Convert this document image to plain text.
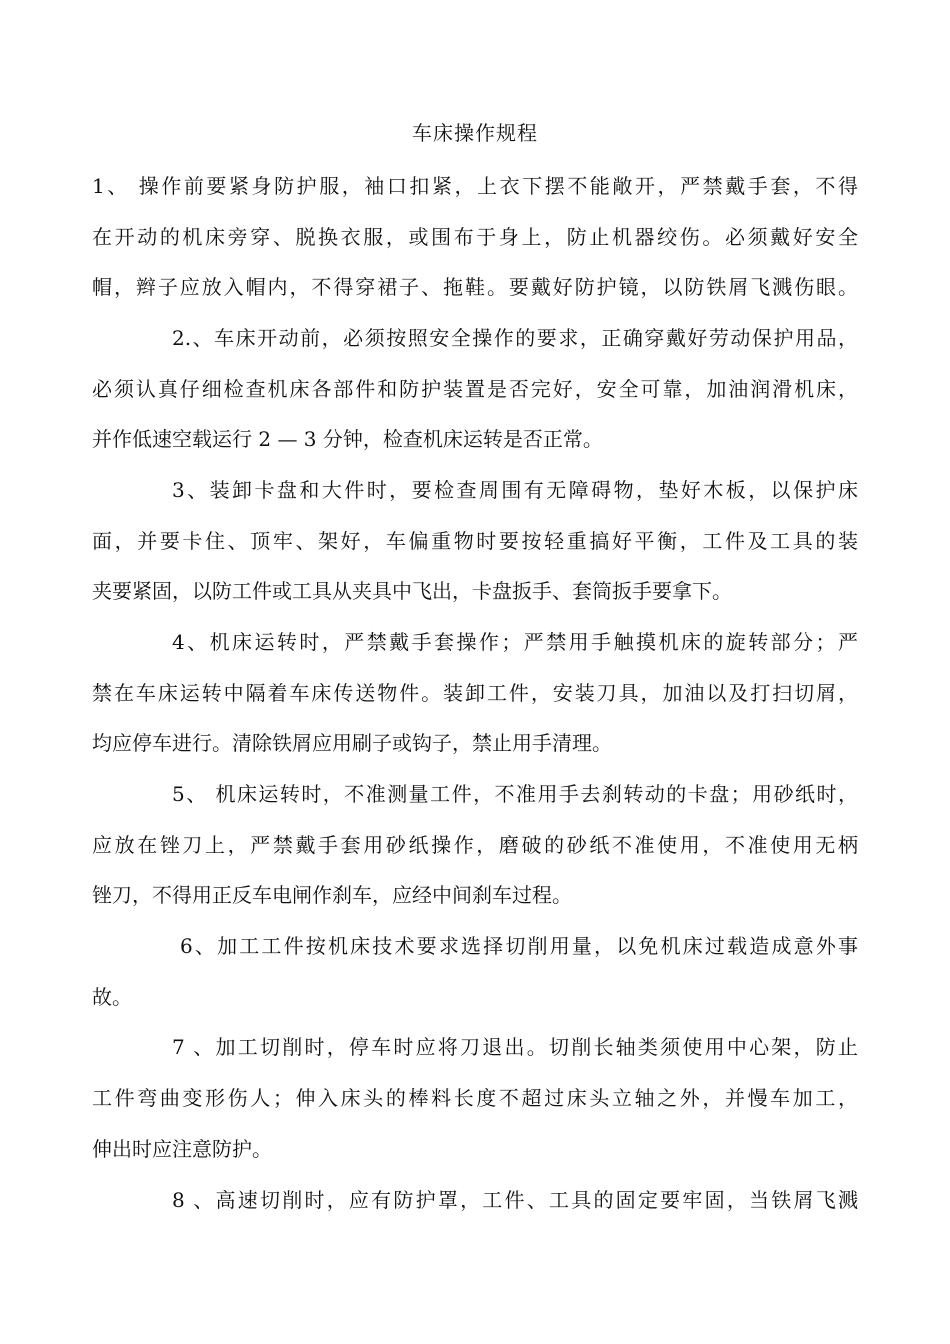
车床操作规程
1、 操作前要紧身防护服，袖口扣紧，上衣下摆不能敞开，严禁戴手套，不得
在开动的机床旁穿、脱换衣服，或围布于身上，防止机器绞伤。必须戴好安全
帽，辫子应放入帽内，不得穿裙子、拖鞋。要戴好防护镜，以防铁屑飞溅伤眼。
2.、车床开动前，必须按照安全操作的要求，正确穿戴好劳动保护用品，
必须认真仔细检查机床各部件和防护装置是否完好，安全可靠，加油润滑机床，
并作低速空载运行 2 — 3 分钟，检查机床运转是否正常。
3、装卸卡盘和大件时，要检查周围有无障碍物，垫好木板，以保护床
面，并要卡住、顶牢、架好，车偏重物时要按轻重搞好平衡，工件及工具的装
夹要紧固，以防工件或工具从夹具中飞出，卡盘扳手、套筒扳手要拿下。
4、机床运转时，严禁戴手套操作；严禁用手触摸机床的旋转部分；严
禁在车床运转中隔着车床传送物件。装卸工件，安装刀具，加油以及打扫切屑，
均应停车进行。清除铁屑应用刷子或钩子，禁止用手清理。
5、 机床运转时，不准测量工件，不准用手去刹转动的卡盘；用砂纸时，
应放在锉刀上，严禁戴手套用砂纸操作，磨破的砂纸不准使用，不准使用无柄
锉刀，不得用正反车电闸作刹车，应经中间刹车过程。
6、加工工件按机床技术要求选择切削用量，以免机床过载造成意外事
故。
7 、加工切削时，停车时应将刀退出。切削长轴类须使用中心架，防止
工件弯曲变形伤人；伸入床头的棒料长度不超过床头立轴之外，并慢车加工，
伸出时应注意防护。
8 、高速切削时，应有防护罩，工件、工具的固定要牢固，当铁屑飞溅
